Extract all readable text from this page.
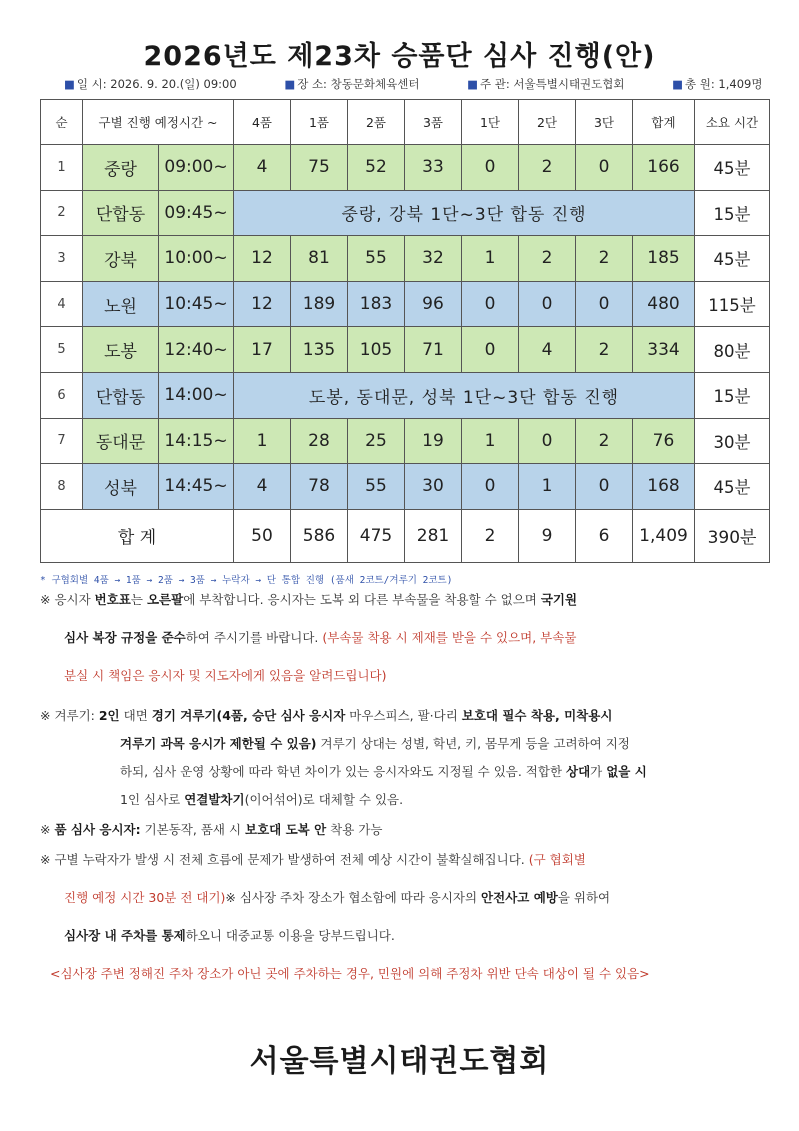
2026년도 제23차 승품단 심사 진행(안)
■ 일 시: 2026. 9. 20.(일) 09:00	■ 장 소: 창동문화체육센터	■ 주 관: 서울특별시태권도협회	■ 총 원: 1,409명
순	구별 진행 예정시간 ~		4품	1품	2품	3품	1단	2단	3단	합계	소요 시간
1	중랑	09:00~	4	75	52	33	0	2	0	166	45분
2	단합동	09:45~	중랑, 강북 1단~3단 합동 진행								15분
3	강북	10:00~	12	81	55	32	1	2	2	185	45분
4	노원	10:45~	12	189	183	96	0	0	0	480	115분
5	도봉	12:40~	17	135	105	71	0	4	2	334	80분
6	단합동	14:00~	도봉, 동대문, 성북 1단~3단 합동 진행								15분
7	동대문	14:15~	1	28	25	19	1	0	2	76	30분
8	성북	14:45~	4	78	55	30	0	1	0	168	45분
합 계			50	586	475	281	2	9	6	1,409	390분
* 구협회별 4품 → 1품 → 2품 → 3품 → 누락자 → 단 통합 진행 (품새 2코트/겨루기 2코트)
※ 응시자 번호표는 오른팔에 부착합니다. 응시자는 도복 외 다른 부속물을 착용할 수 없으며 국기원
심사 복장 규정을 준수하여 주시기를 바랍니다. (부속물 착용 시 제재를 받을 수 있으며, 부속물
분실 시 책임은 응시자 및 지도자에게 있음을 알려드립니다)
※ 겨루기: 2인 대면 경기 겨루기(4품, 승단 심사 응시자 마우스피스, 팔·다리 보호대 필수 착용, 미착용시
겨루기 과목 응시가 제한될 수 있음) 겨루기 상대는 성별, 학년, 키, 몸무게 등을 고려하여 지정
하되, 심사 운영 상황에 따라 학년 차이가 있는 응시자와도 지정될 수 있음. 적합한 상대가 없을 시
1인 심사로 연결발차기(이어섞어)로 대체할 수 있음.
※ 품 심사 응시자: 기본동작, 품새 시 보호대 도복 안 착용 가능
※ 구별 누락자가 발생 시 전체 흐름에 문제가 발생하여 전체 예상 시간이 불확실해집니다. (구 협회별
진행 예정 시간 30분 전 대기)※ 심사장 주차 장소가 협소함에 따라 응시자의 안전사고 예방을 위하여
심사장 내 주차를 통제하오니 대중교통 이용을 당부드립니다.
<심사장 주변 정해진 주차 장소가 아닌 곳에 주차하는 경우, 민원에 의해 주정차 위반 단속 대상이 될 수 있음>
서울특별시태권도협회
